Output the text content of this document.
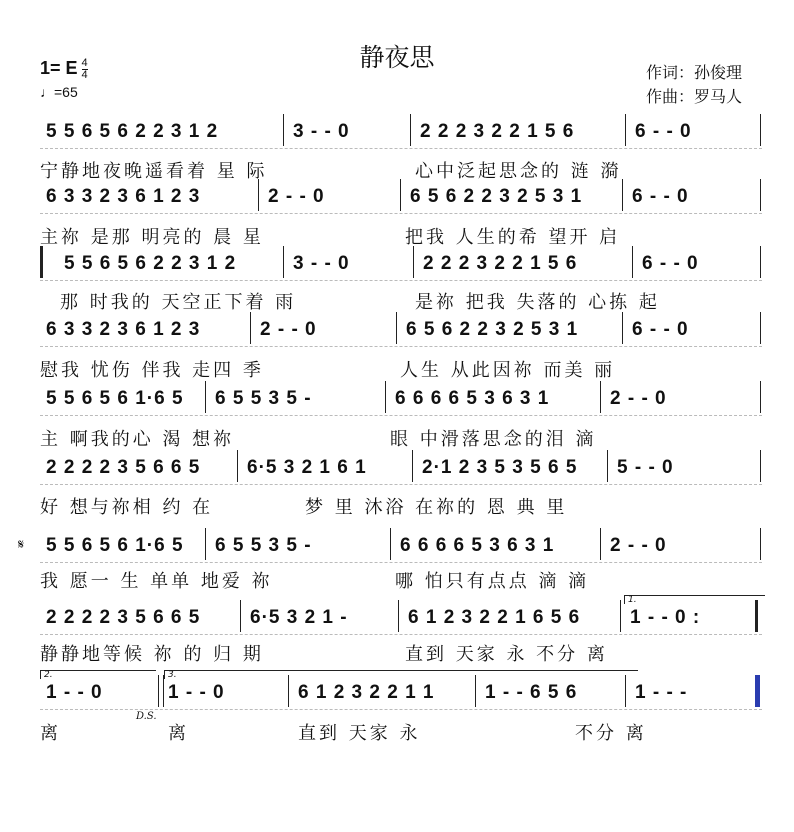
静夜思
1= E $\frac{4}{4}$
♩=65
作词：孙俊理
作曲：罗马人
5 5 6 5 6 2 2 3 1 2	3 - - 0	2 2 2 3 2 2 1 5 6	6 - - 0
6 3 3 2 3 6 1 2 3	2 - - 0	6 5 6 2 2 3 2 5 3 1	6 - - 0
5 5 6 5 6 2 2 3 1 2	3 - - 0	2 2 2 3 2 2 1 5 6	6 - - 0
6 3 3 2 3 6 1 2 3	2 - - 0	6 5 6 2 2 3 2 5 3 1	6 - - 0
5 5 6 5 6 1·6 5	6 5 5 3 5 -	6 6 6 6 5 3 6 3 1	2 - - 0
2 2 2 2 3 5 6 6 5	6·5 3 2 1 6 1	2·1 2 3 5 3 5 6 5	5 - - 0
5 5 6 5 6 1·6 5	6 5 5 3 5 -	6 6 6 6 5 3 6 3 1	2 - - 0
𝄋
2 2 2 2 3 5 6 6 5	6·5 3 2 1 -	6 1 2 3 2 2 1 6 5 6	1 - - 0 :
1.
1 - - 0	1 - - 0	6 1 2 3 2 2 1 1	1 - - 6 5 6	1 - - -
2.	3.
D.S.
宁静地夜晚遥看着 星 际	心中泛起思念的 涟 漪
主祢 是那 明亮的 晨 星	把我 人生的希 望开 启
那 时我的 天空正下着 雨	是祢 把我 失落的 心拣 起
慰我 忧伤 伴我 走四 季	人生 从此因祢 而美 丽
主 啊我的心 渴 想祢	眼 中滑落思念的泪 滴
好 想与祢相 约 在	梦 里 沐浴 在祢的 恩 典 里
我 愿一 生 单单 地爱 祢	哪 怕只有点点 滴 滴
静静地等候 祢 的 归 期	直到 天家 永 不分 离
离	离	直到 天家 永	不分 离
